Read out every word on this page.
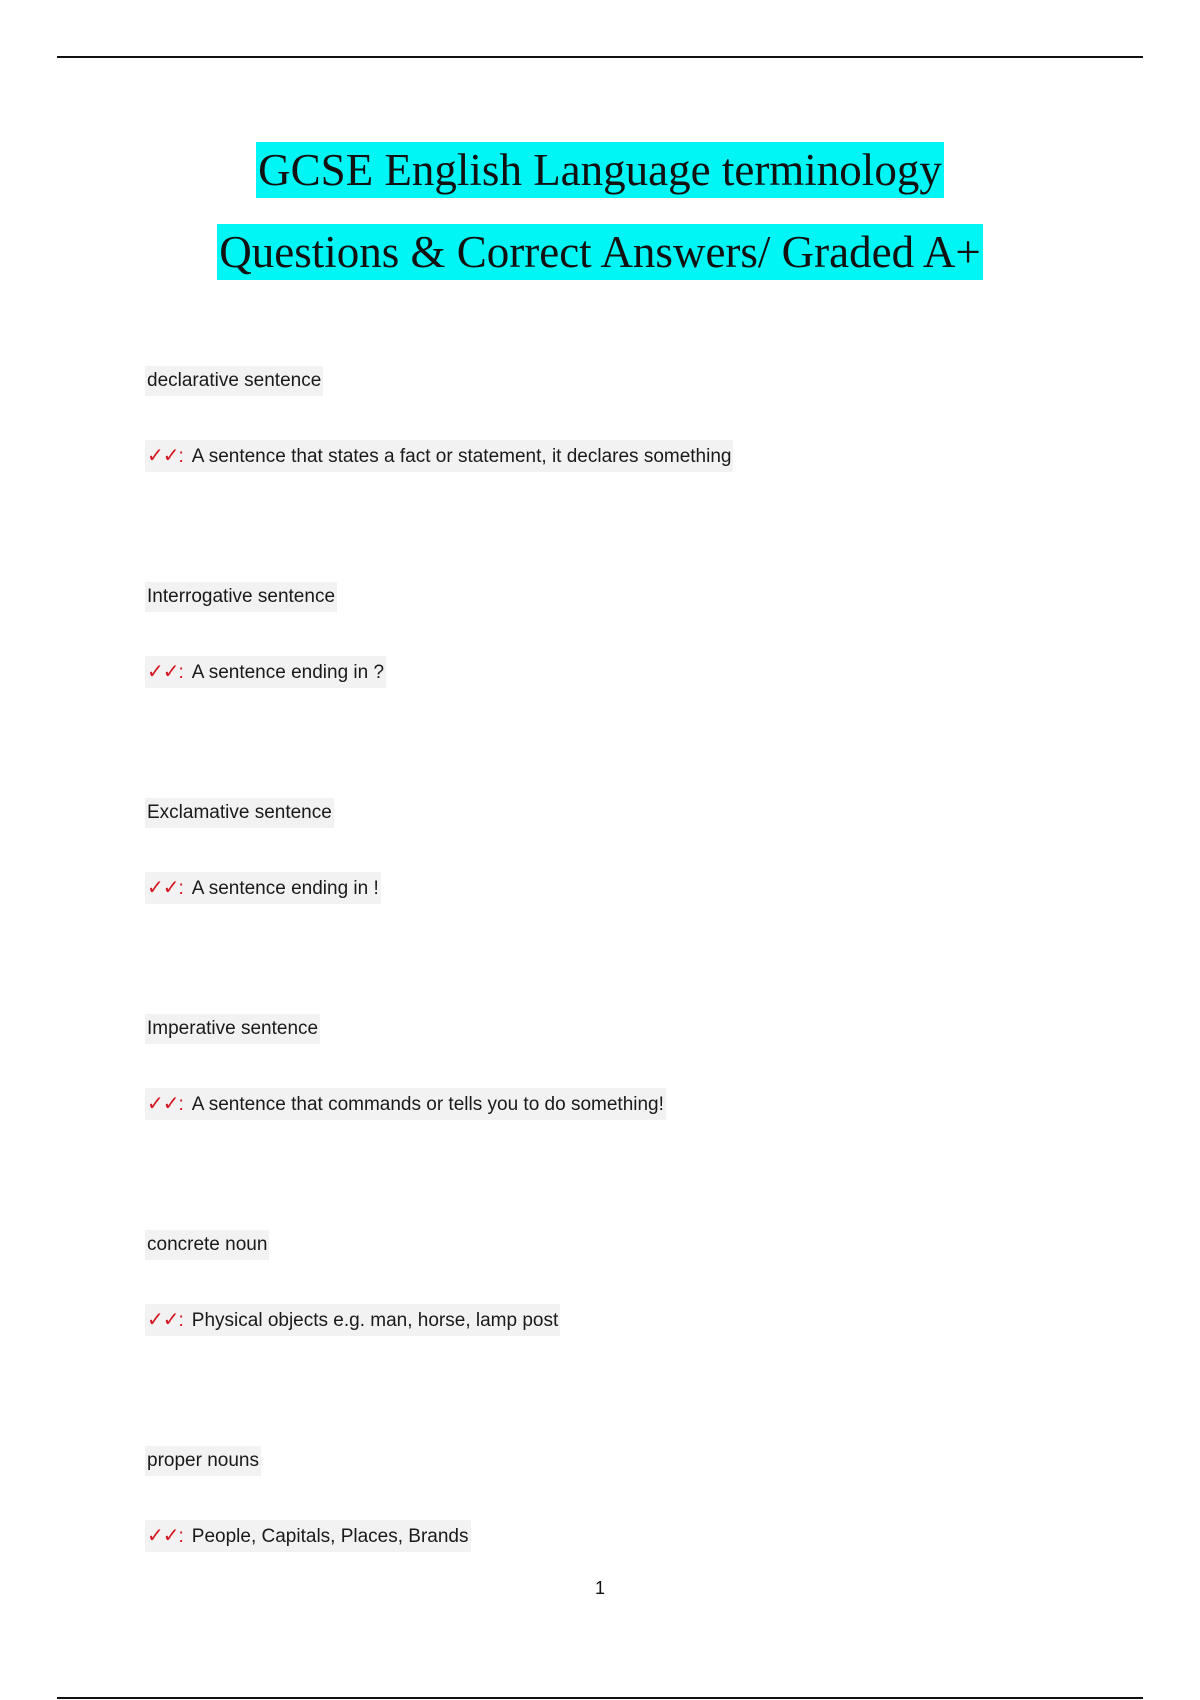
GCSE English Language terminology
Questions & Correct Answers/ Graded A+
declarative sentence
✓✓: A sentence that states a fact or statement, it declares something
Interrogative sentence
✓✓: A sentence ending in ?
Exclamative sentence
✓✓: A sentence ending in !
Imperative sentence
✓✓: A sentence that commands or tells you to do something!
concrete noun
✓✓: Physical objects e.g. man, horse, lamp post
proper nouns
✓✓: People, Capitals, Places, Brands
1
